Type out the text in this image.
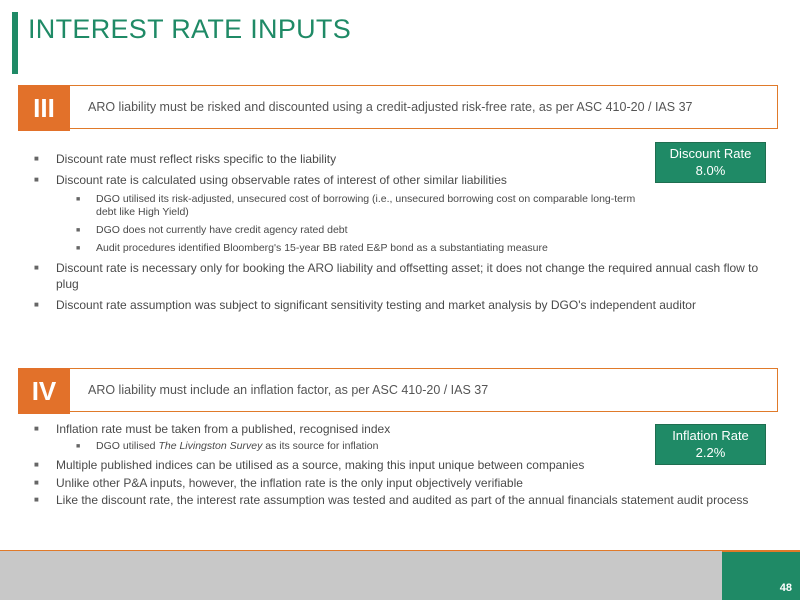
INTEREST RATE INPUTS
III	ARO liability must be risked and discounted using a credit-adjusted risk-free rate, as per ASC 410-20 / IAS 37
■ Discount rate must reflect risks specific to the liability
■ Discount rate is calculated using observable rates of interest of other similar liabilities
■ DGO utilised its risk-adjusted, unsecured cost of borrowing (i.e., unsecured borrowing cost on comparable long-term debt like High Yield)
■ DGO does not currently have credit agency rated debt
■ Audit procedures identified Bloomberg's 15-year BB rated E&P bond as a substantiating measure
■ Discount rate is necessary only for booking the ARO liability and offsetting asset; it does not change the required annual cash flow to plug
■ Discount rate assumption was subject to significant sensitivity testing and market analysis by DGO's independent auditor
Discount Rate
8.0%
IV	ARO liability must include an inflation factor, as per ASC 410-20 / IAS 37
■ Inflation rate must be taken from a published, recognised index
■ DGO utilised The Livingston Survey as its source for inflation
■ Multiple published indices can be utilised as a source, making this input unique between companies
■ Unlike other P&A inputs, however, the inflation rate is the only input objectively verifiable
■ Like the discount rate, the interest rate assumption was tested and audited as part of the annual financials statement audit process
Inflation Rate
2.2%
48
